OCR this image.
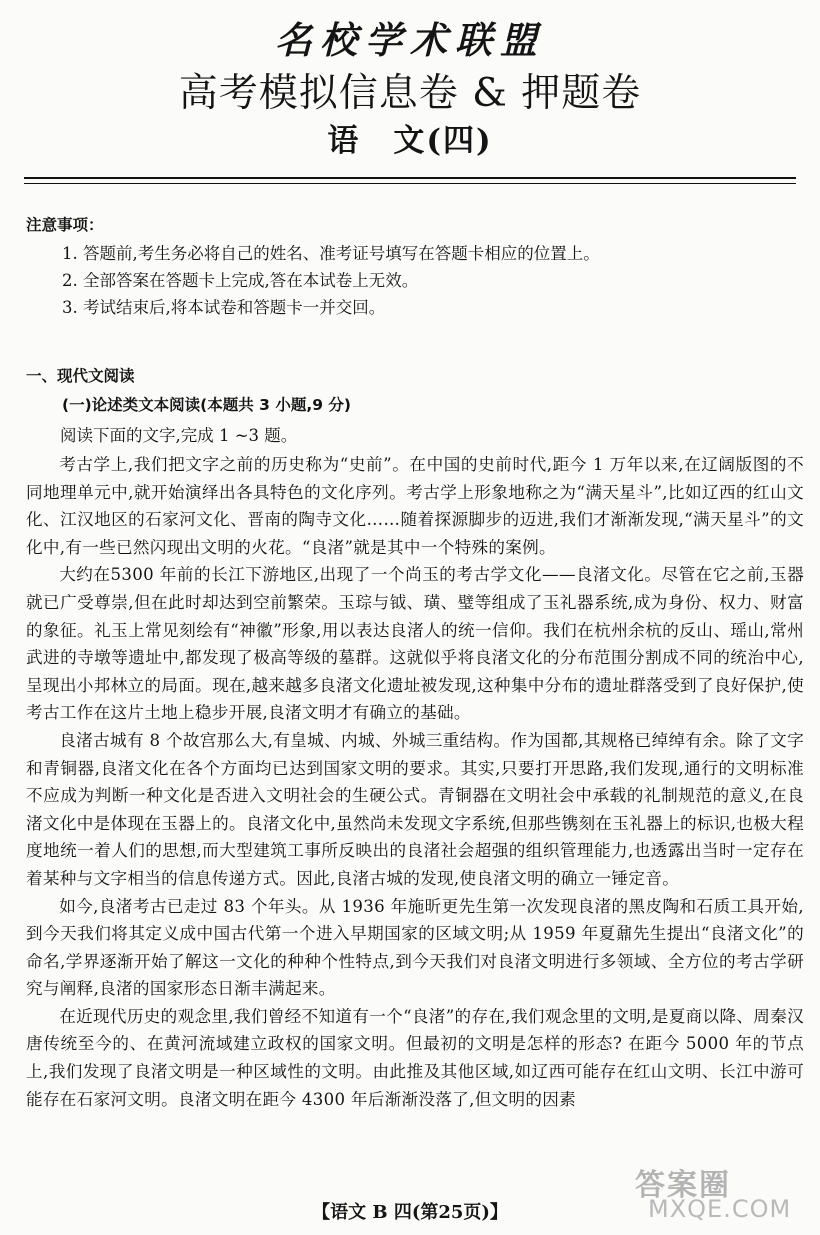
名校学术联盟
高考模拟信息卷 & 押题卷
语　文(四)
注意事项：
1. 答题前,考生务必将自己的姓名、准考证号填写在答题卡相应的位置上。
2. 全部答案在答题卡上完成,答在本试卷上无效。
3. 考试结束后,将本试卷和答题卡一并交回。
一、现代文阅读
(一)论述类文本阅读(本题共 3 小题,9 分)
阅读下面的文字,完成 1 ~3 题。

考古学上,我们把文字之前的历史称为“史前”。在中国的史前时代,距今 1 万年以来,在辽阔版图的不同地理单元中,就开始演绎出各具特色的文化序列。考古学上形象地称之为“满天星斗”,比如辽西的红山文化、江汉地区的石家河文化、晋南的陶寺文化……随着探源脚步的迈进,我们才渐渐发现,“满天星斗”的文化中,有一些已然闪现出文明的火花。“良渚”就是其中一个特殊的案例。

大约在5300 年前的长江下游地区,出现了一个尚玉的考古学文化——良渚文化。尽管在它之前,玉器就已广受尊崇,但在此时却达到空前繁荣。玉琮与钺、璜、璧等组成了玉礼器系统,成为身份、权力、财富的象征。礼玉上常见刻绘有“神徽”形象,用以表达良渚人的统一信仰。我们在杭州余杭的反山、瑶山,常州武进的寺墩等遗址中,都发现了极高等级的墓群。这就似乎将良渚文化的分布范围分割成不同的统治中心,呈现出小邦林立的局面。现在,越来越多良渚文化遗址被发现,这种集中分布的遗址群落受到了良好保护,使考古工作在这片土地上稳步开展,良渚文明才有确立的基础。

良渚古城有 8 个故宫那么大,有皇城、内城、外城三重结构。作为国都,其规格已绰绰有余。除了文字和青铜器,良渚文化在各个方面均已达到国家文明的要求。其实,只要打开思路,我们发现,通行的文明标准不应成为判断一种文化是否进入文明社会的生硬公式。青铜器在文明社会中承载的礼制规范的意义,在良渚文化中是体现在玉器上的。良渚文化中,虽然尚未发现文字系统,但那些镌刻在玉礼器上的标识,也极大程度地统一着人们的思想,而大型建筑工事所反映出的良渚社会超强的组织管理能力,也透露出当时一定存在着某种与文字相当的信息传递方式。因此,良渚古城的发现,使良渚文明的确立一锤定音。

如今,良渚考古已走过 83 个年头。从 1936 年施昕更先生第一次发现良渚的黑皮陶和石质工具开始,到今天我们将其定义成中国古代第一个进入早期国家的区域文明;从 1959 年夏鼐先生提出“良渚文化”的命名,学界逐渐开始了解这一文化的种种个性特点,到今天我们对良渚文明进行多领域、全方位的考古学研究与阐释,良渚的国家形态日渐丰满起来。

在近现代历史的观念里,我们曾经不知道有一个“良渚”的存在,我们观念里的文明,是夏商以降、周秦汉唐传统至今的、在黄河流域建立政权的国家文明。但最初的文明是怎样的形态? 在距今 5000 年的节点上,我们发现了良渚文明是一种区域性的文明。由此推及其他区域,如辽西可能存在红山文明、长江中游可能存在石家河文明。良渚文明在距今 4300 年后渐渐没落了,但文明的因素

答案圈
MXQE.COM
【语文 B 四(第25页)】
